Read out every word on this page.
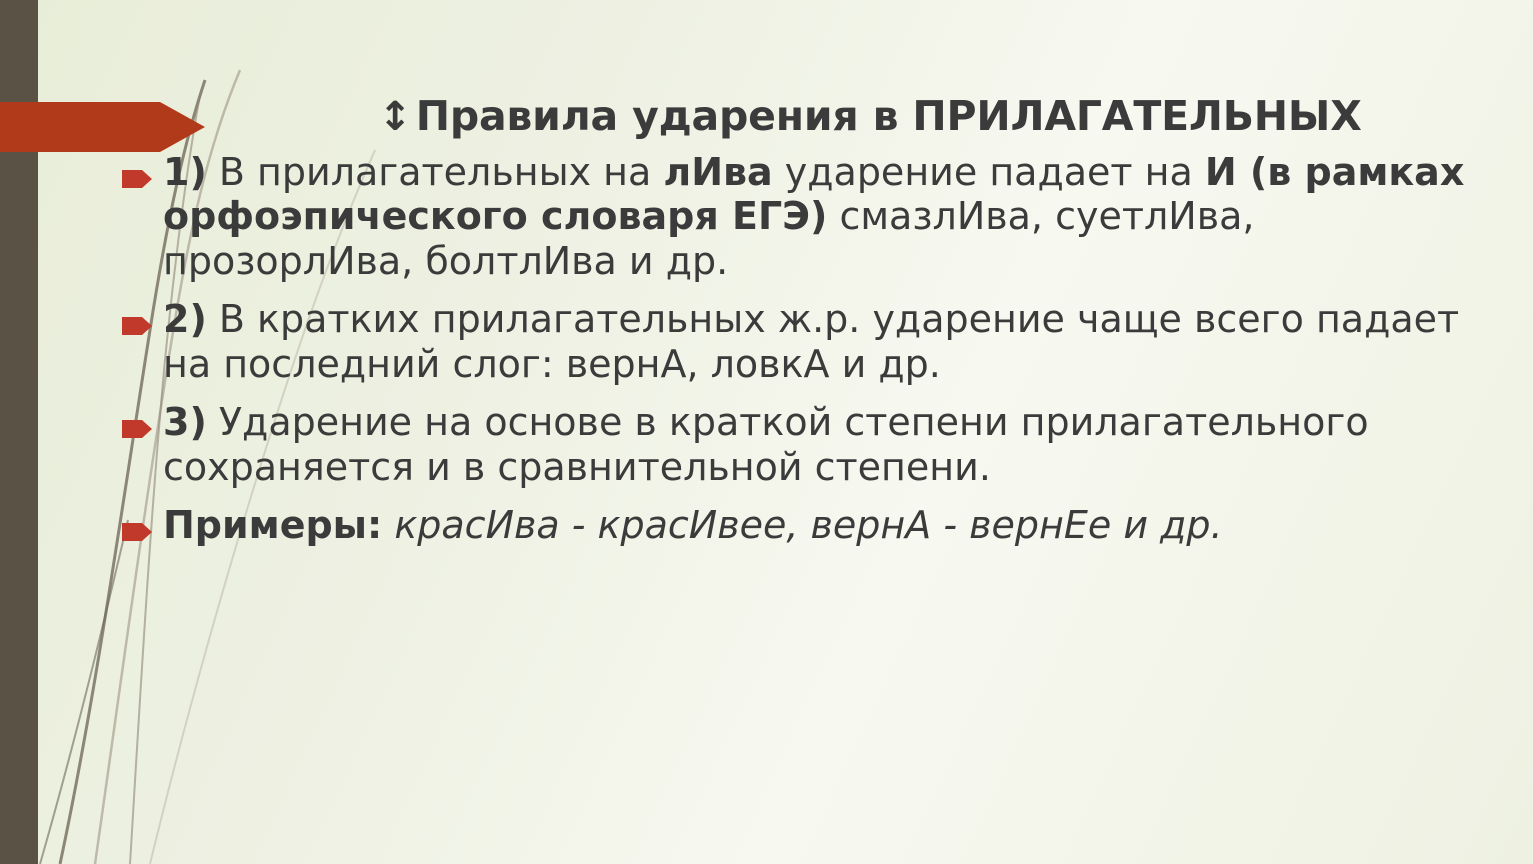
↕Правила ударения в ПРИЛАГАТЕЛЬНЫХ
1) В прилагательных на лИва ударение падает на И (в рамках орфоэпического словаря ЕГЭ) смазлИва, суетлИва, прозорлИва, болтлИва и др.
2) В кратких прилагательных ж.р. ударение чаще всего падает на последний слог: вернА, ловкА и др.
3) Ударение на основе в краткой степени прилагательного сохраняется и в сравнительной степени.
Примеры: красИва - красИвее, вернА - вернЕе и др.
